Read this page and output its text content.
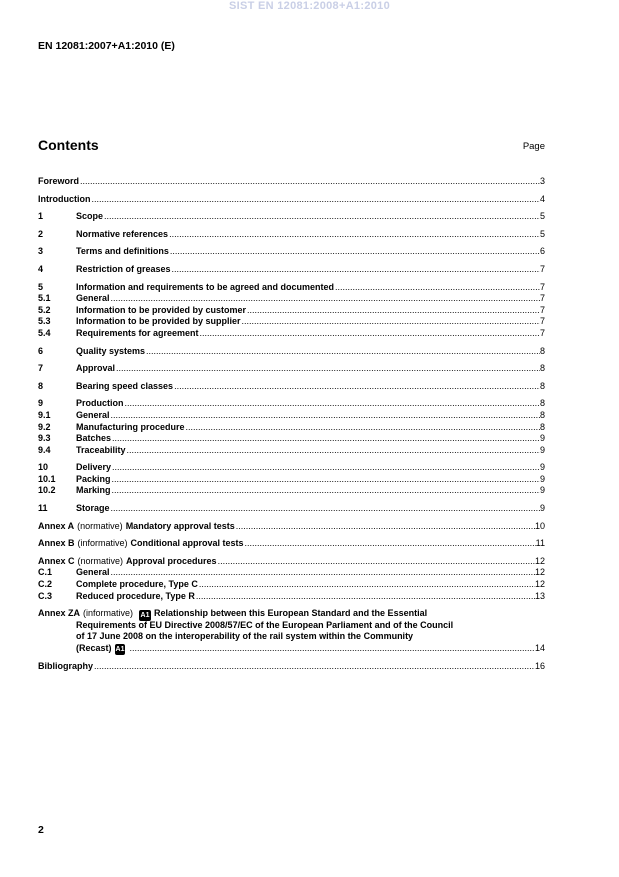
SIST EN 12081:2008+A1:2010
EN 12081:2007+A1:2010 (E)
Contents	Page
Foreword .....	3
Introduction .....	4
1	Scope .....	5
2	Normative references .....	5
3	Terms and definitions .....	6
4	Restriction of greases .....	7
5	Information and requirements to be agreed and documented .....	7
5.1	General .....	7
5.2	Information to be provided by customer .....	7
5.3	Information to be provided by supplier .....	7
5.4	Requirements for agreement .....	7
6	Quality systems .....	8
7	Approval .....	8
8	Bearing speed classes .....	8
9	Production .....	8
9.1	General .....	8
9.2	Manufacturing procedure .....	8
9.3	Batches .....	9
9.4	Traceability .....	9
10	Delivery .....	9
10.1	Packing .....	9
10.2	Marking .....	9
11	Storage .....	9
Annex A (normative) Mandatory approval tests .....	10
Annex B (informative) Conditional approval tests .....	11
Annex C (normative) Approval procedures .....	12
C.1	General .....	12
C.2	Complete procedure, Type C .....	12
C.3	Reduced procedure, Type R .....	13
Annex ZA (informative) A1 Relationship between this European Standard and the Essential
Requirements of EU Directive 2008/57/EC of the European Parliament and of the Council
of 17 June 2008 on the interoperability of the rail system within the Community
(Recast) A1 .....	14
Bibliography .....	16
2
